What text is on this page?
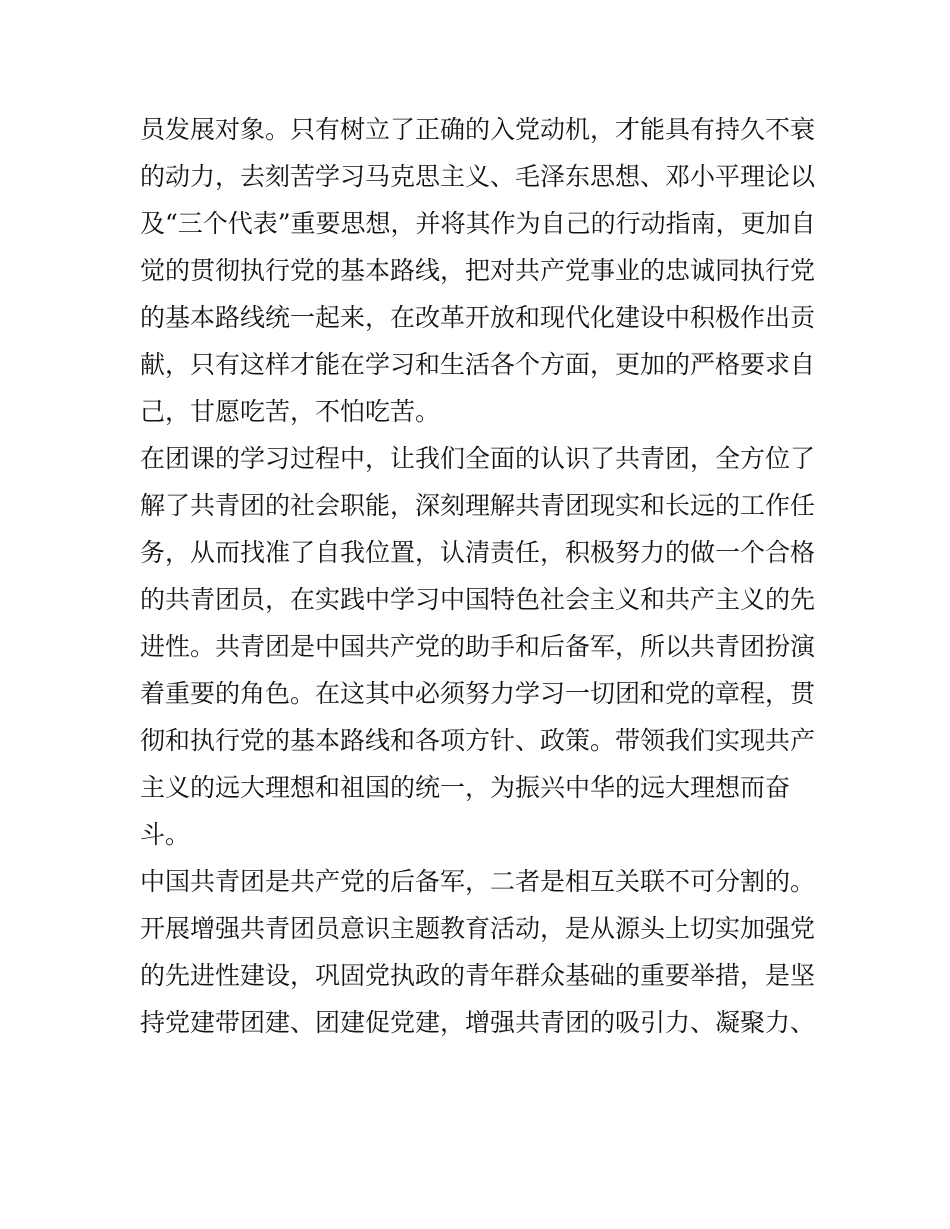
员发展对象。只有树立了正确的入党动机，才能具有持久不衰
的动力，去刻苦学习马克思主义、毛泽东思想、邓小平理论以
及“三个代表”重要思想，并将其作为自己的行动指南，更加自
觉的贯彻执行党的基本路线，把对共产党事业的忠诚同执行党
的基本路线统一起来，在改革开放和现代化建设中积极作出贡
献，只有这样才能在学习和生活各个方面，更加的严格要求自
己，甘愿吃苦，不怕吃苦。
在团课的学习过程中，让我们全面的认识了共青团，全方位了
解了共青团的社会职能，深刻理解共青团现实和长远的工作任
务，从而找准了自我位置，认清责任，积极努力的做一个合格
的共青团员，在实践中学习中国特色社会主义和共产主义的先
进性。共青团是中国共产党的助手和后备军，所以共青团扮演
着重要的角色。在这其中必须努力学习一切团和党的章程，贯
彻和执行党的基本路线和各项方针、政策。带领我们实现共产
主义的远大理想和祖国的统一，为振兴中华的远大理想而奋
斗。
中国共青团是共产党的后备军，二者是相互关联不可分割的。
开展增强共青团员意识主题教育活动，是从源头上切实加强党
的先进性建设，巩固党执政的青年群众基础的重要举措，是坚
持党建带团建、团建促党建，增强共青团的吸引力、凝聚力、
